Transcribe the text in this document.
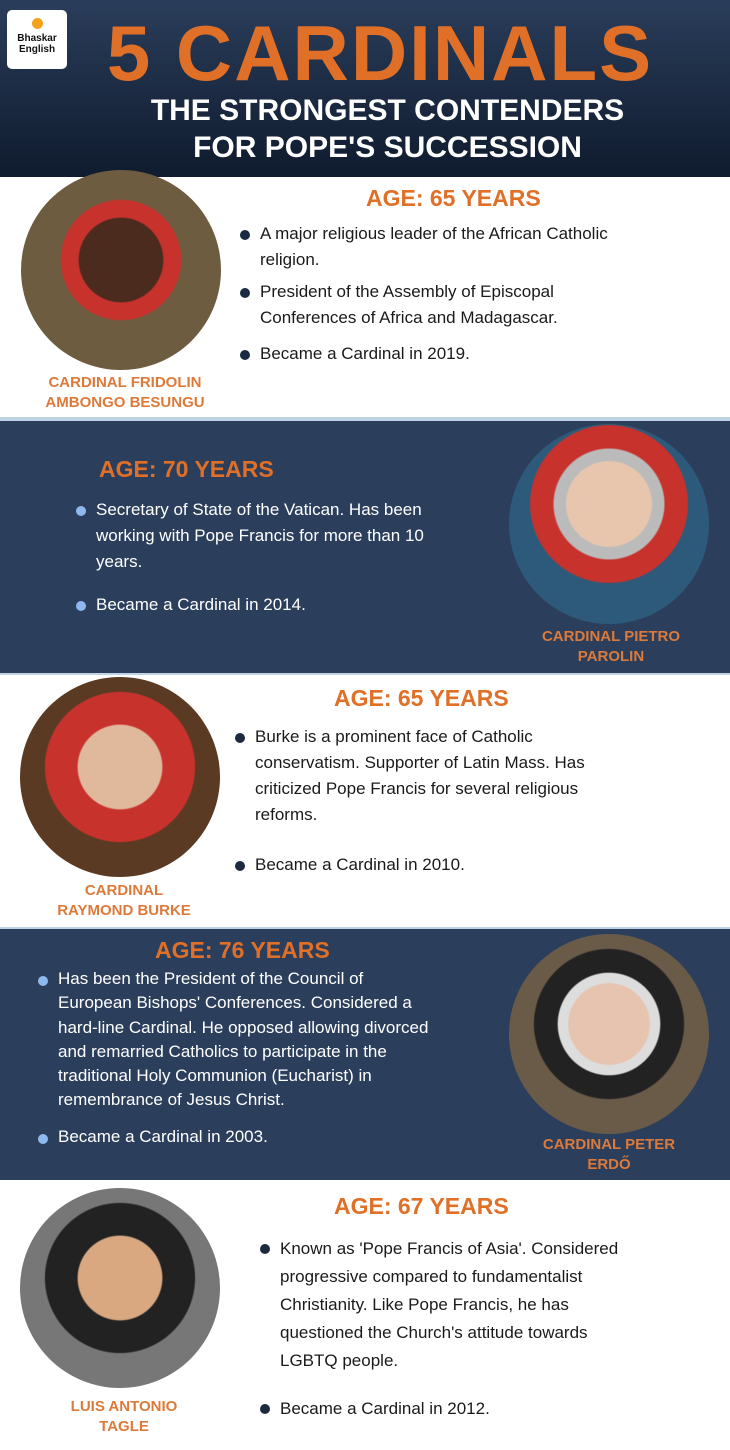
Bhaskar
English 5 CARDINALS
THE STRONGEST CONTENDERS
FOR POPE'S SUCCESSION
CARDINAL FRIDOLIN
AMBONGO BESUNGU
AGE: 65 YEARS
A major religious leader of the African Catholic religion.
President of the Assembly of Episcopal Conferences of Africa and Madagascar.
Became a Cardinal in 2019.
CARDINAL PIETRO
PAROLIN
AGE: 70 YEARS
Secretary of State of the Vatican. Has been working with Pope Francis for more than 10 years.
Became a Cardinal in 2014.
CARDINAL
RAYMOND BURKE
AGE: 65 YEARS
Burke is a prominent face of Catholic conservatism. Supporter of Latin Mass. Has criticized Pope Francis for several religious reforms.
Became a Cardinal in 2010.
CARDINAL PETER
ERDŐ
AGE: 76 YEARS
Has been the President of the Council of European Bishops' Conferences. Considered a hard-line Cardinal. He opposed allowing divorced and remarried Catholics to participate in the traditional Holy Communion (Eucharist) in remembrance of Jesus Christ.
Became a Cardinal in 2003.
LUIS ANTONIO
TAGLE
AGE: 67 YEARS
Known as 'Pope Francis of Asia'. Considered progressive compared to fundamentalist Christianity. Like Pope Francis, he has questioned the Church's attitude towards LGBTQ people.
Became a Cardinal in 2012.
